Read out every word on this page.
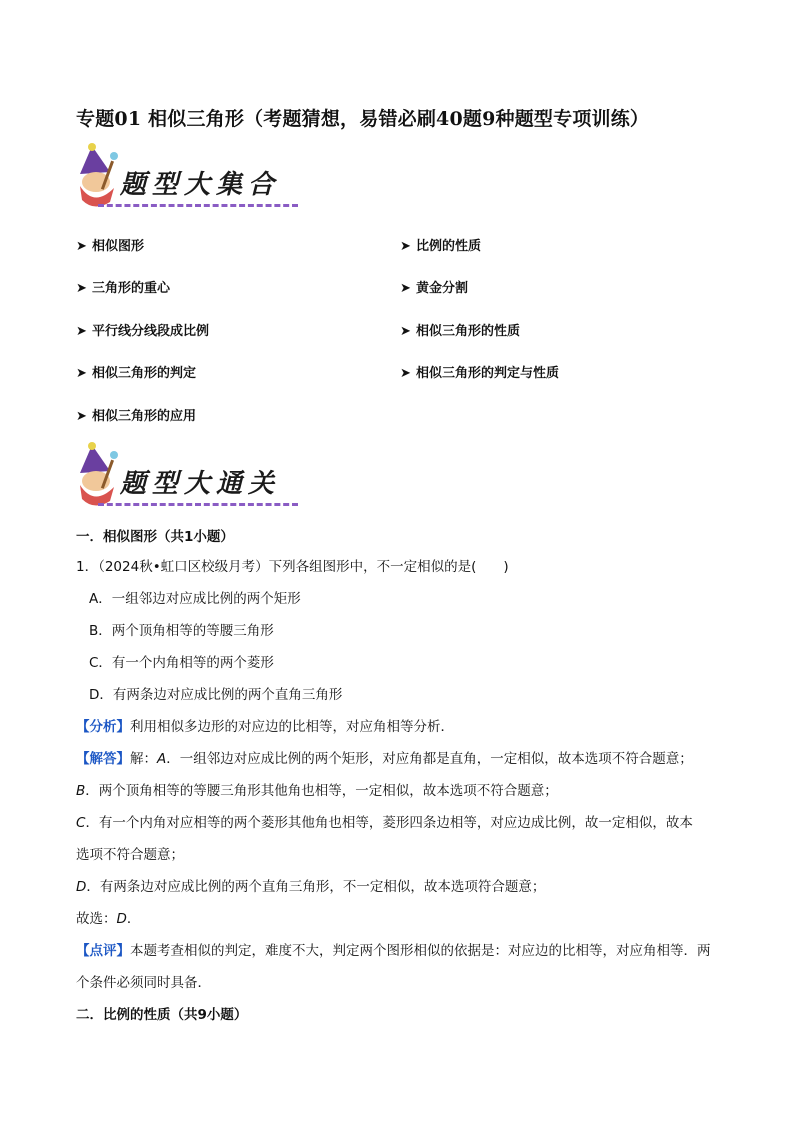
专题01 相似三角形（考题猜想，易错必刷40题9种题型专项训练）
题型大集合
➤ 相似图形	➤ 比例的性质
➤ 三角形的重心	➤ 黄金分割
➤ 平行线分线段成比例	➤ 相似三角形的性质
➤ 相似三角形的判定	➤ 相似三角形的判定与性质
➤ 相似三角形的应用
题型大通关
一．相似图形（共1小题）
1．（2024秋•虹口区校级月考）下列各组图形中，不一定相似的是(　　)
A．一组邻边对应成比例的两个矩形
B．两个顶角相等的等腰三角形
C．有一个内角相等的两个菱形
D．有两条边对应成比例的两个直角三角形
【分析】利用相似多边形的对应边的比相等，对应角相等分析．
【解答】解：A．一组邻边对应成比例的两个矩形，对应角都是直角，一定相似，故本选项不符合题意；
B．两个顶角相等的等腰三角形其他角也相等，一定相似，故本选项不符合题意；
C．有一个内角对应相等的两个菱形其他角也相等，菱形四条边相等，对应边成比例，故一定相似，故本
选项不符合题意；
D．有两条边对应成比例的两个直角三角形，不一定相似，故本选项符合题意；
故选：D．
【点评】本题考查相似的判定，难度不大，判定两个图形相似的依据是：对应边的比相等，对应角相等．两
个条件必须同时具备．
二．比例的性质（共9小题）
